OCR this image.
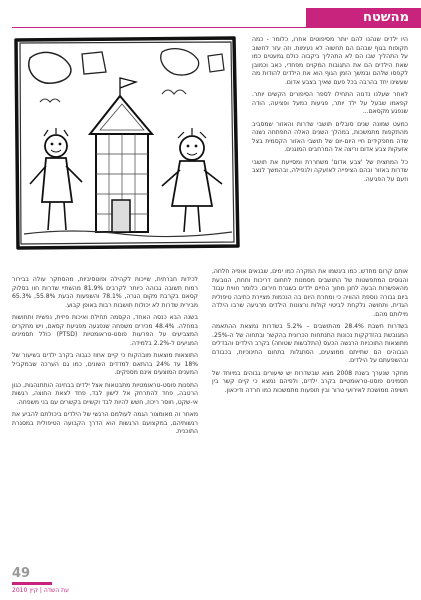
מהשטח

היו ילדים שנהנו להם יותר מסיפוטים אחרו, כלומר - כמה תקופות בגוף שבהם הם תחשוה לא נעימות. וזה עזר לחשוב על התהליך שבו הם לא התהליך ביקבוה כולם גמעטים כמו שאת הילדים הם את התגובות המקוים מפחדי, כאב וכמובן לקפסו שלהם ובמשך הזמן הגוף הוא את הילדים להודות מה שעשינו יחד בהרבה בכל פעם שאיך בצבע אדום.

לאחר שעלנו נדנוה התחילו לספר הסיפורים הקשים יותר. קפאמו שבעל על ילד יותר, פגיעות כמעל ופציעה, הודה שנפגע מקסאם...

כמעט שמונה שנים סובלים תושבי שדרות והאזור שמסביב מהתקפות מתמשכות, במהלך השנים האלה התפתחה נשנה שדה מתפקידים חיי היום-יום של תושבי האזור הקסמית בצל אזעקות צבע אדום וריצה אל המרחבים המוגנים.

כל המחצית של 'צבע אדום' משחררת ומסייעת את תושבי שדרות באזור ובהם הציפייה לאזעקה ולנפילה, ובהמשך לנצב וזעם על הפגיעה.

אותם קרום מחדש. כמו ביגשמו את המקרה כמו ימים, שבנאים אופיה חלחה, והגוסים המתפשטות של התושבים מסמנות לתחום דריכות ותחת, הנובעת מהאפשרות הבעה לחנן מתוך החיים ילדים בשגרת חירום. כלומר חווית עבוד ביום גבורה נוספת ההוויה כי ומחרת היום בה הנכמות מציירת כתיבה טיפולית הגדית, ותחושה נלקחת לביטוי קולות ורצונות הילדים מרגיעה שרבו הילדה מילותם מהם.

בשדרות חשבת 28.4% מהתושבים – 5.2% בשדרות נמצאת ההתאמה המגובשת בהזדקקות נכונות התנתחות הכרונית בהקשר ובתחוה של ה-25%. מתוצאות התוכניות הרגשה הכעס (התלבשות שטוחה) בקרב הילדים והבדלים הגבוהים הם שתייתם ממוצעים, הסתגלות בתחום החינוכיות, בכבודם ובהשפעתם על הילדים.

מחקר שנערך בשנת 2008 מצא שבשדרות יש שיעורים גבוהים במיוחד של תסמינים פוסט-טראומטיים בקרב ילדים, ולפיהם נמצא כי קיים קשר בין חשיפה ממושכת לאירועי טרור ובין תופעות מתמשכות כמו חרדה ודיכאון.

לכידות חברתית, שייכות לקהילה ופוטסיביות, מהסתקר עולה בבירור רמות תשובה גבוהה כיותר לקרבים 81.9% מהשתיי שדרות חוו בסלוק קסאם בקרבת מקום הגרה, 78.1% והשפעות הבעת 55.8%, 65.3% מבירית שדרות לא יכולות תושבות רבות באופן קבוע.

בשנה הבא כנסה האחד, הקסמה תחילת ואיכות פיזית, נפשית ותחושות במחלה. 48.4% מכירים משפחה שנפגעה מפגיעת קסאם, ויש מחקרים המצביעים על הפרעות פוסט-טראומטיות (PTSD) כולל תסמינים המגיעים ל-2.2% בלמידה.

התוצאות מוצאות מובהקות כי קיים אחוז כגבוה בקרב ילדים בשיעור של 18% עד 24% בהתאם למדדים השונים, כמו גם הערכה שבמקביל המענים המוצעים אינם מספקים.

התפנות פוסט-טראומטיות מתבטאות אצל ילדים בבחינה הותתנהגות, כגון הרטבה, פחד להתרחק אל לישון לבד, פחד לצאת החוצה, רגשות אי-שקט, חוסר ריכוז, חשש להיות לבד וקשיים בקשרים עם בני משפחה.

מאחר וה מאומצור הגמה לעולמם הרגשי של הילדים ביכולתם להביע את רגשותיהם, במקצועם הרגשות הוא הדרך הקבועה הטיפולית במסגרת התוכנית.

49
עת השדה | קיץ 2010
